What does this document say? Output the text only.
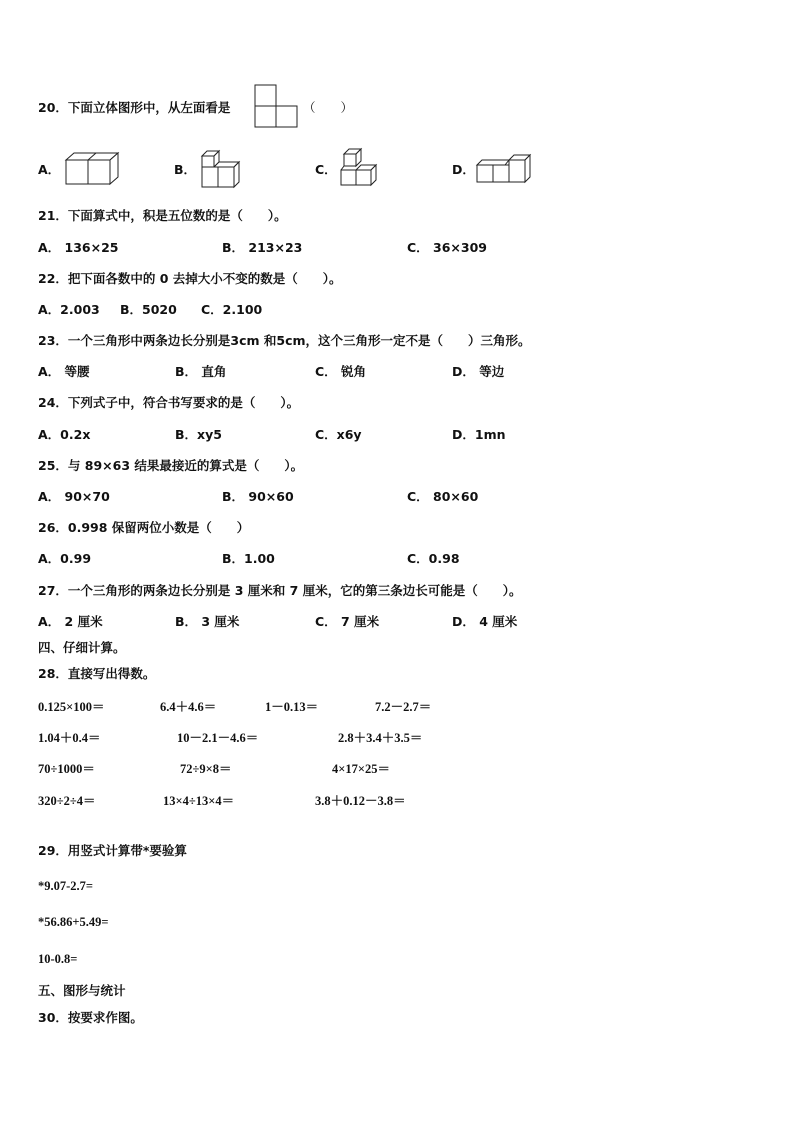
20．下面立体图形中，从左面看是	（　　）
A．	B．	C．	D．
21．下面算式中，积是五位数的是（　　）。
A． 136×25	B． 213×23	C． 36×309
22．把下面各数中的 0 去掉大小不变的数是（　　）。
A．2.003 B．5020 C．2.100
23．一个三角形中两条边长分别是3cm 和5cm，这个三角形一定不是（　　）三角形。
A． 等腰	B． 直角	C． 锐角	D． 等边
24．下列式子中，符合书写要求的是（　　）。
A．0.2x	B．xy5	C．x6y	D．1mn
25．与 89×63 结果最接近的算式是（　　）。
A． 90×70	B． 90×60	C． 80×60
26．0.998 保留两位小数是（　　）
A．0.99	B．1.00	C．0.98
27．一个三角形的两条边长分别是 3 厘米和 7 厘米，它的第三条边长可能是（　　）。
A． 2 厘米	B． 3 厘米	C． 7 厘米	D． 4 厘米
四、仔细计算。
28．直接写出得数。
0.125×100＝	6.4＋4.6＝	1－0.13＝	7.2－2.7＝
1.04＋0.4＝	10－2.1－4.6＝	2.8＋3.4＋3.5＝
70÷1000＝	72÷9×8＝	4×17×25＝
320÷2÷4＝	13×4÷13×4＝	3.8＋0.12－3.8＝
29．用竖式计算带*要验算
*9.07-2.7=
*56.86+5.49=
10-0.8=
五、图形与统计
30．按要求作图。
